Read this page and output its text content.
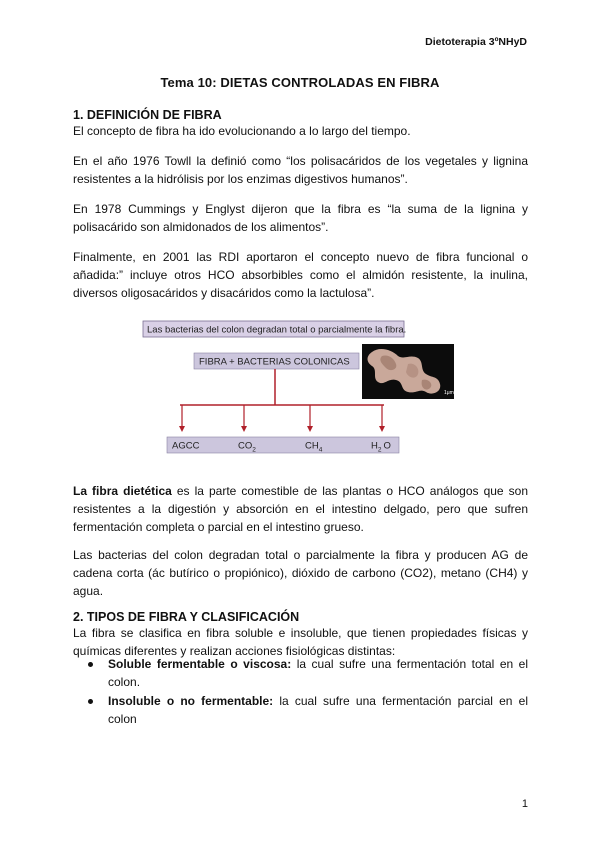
Dietoterapia 3ºNHyD
Tema 10: DIETAS CONTROLADAS EN FIBRA
1. DEFINICIÓN DE FIBRA

El concepto de fibra ha ido evolucionando a lo largo del tiempo.

En el año 1976 Towll la definió como “los polisacáridos de los vegetales y lignina resistentes a la hidrólisis por los enzimas digestivos humanos”.

En 1978 Cummings y Englyst dijeron que la fibra es “la suma de la lignina y polisacárido son almidonados de los alimentos”.

Finalmente, en 2001 las RDI aportaron el concepto nuevo de fibra funcional o añadida:” incluye otros HCO absorbibles como el almidón resistente, la inulina, diversos oligosacáridos y disacáridos como la lactulosa”.

Las bacterias del colon degradan total o parcialmente la fibra.
FIBRA + BACTERIAS COLONICAS
AGCC	$CO_2$	$CH_4$	$H_2$ O
1μm

La fibra dietética es la parte comestible de las plantas o HCO análogos que son resistentes a la digestión y absorción en el intestino delgado, pero que sufren fermentación completa o parcial en el intestino grueso.

Las bacterias del colon degradan total o parcialmente la fibra y producen AG de cadena corta (ác butírico o propiónico), dióxido de carbono (CO2), metano (CH4) y agua.

2. TIPOS DE FIBRA Y CLASIFICACIÓN

La fibra se clasifica en fibra soluble e insoluble, que tienen propiedades físicas y químicas diferentes y realizan acciones fisiológicas distintas:

Soluble fermentable o viscosa: la cual sufre una fermentación total en el colon.
Insoluble o no fermentable: la cual sufre una fermentación parcial en el colon
1
